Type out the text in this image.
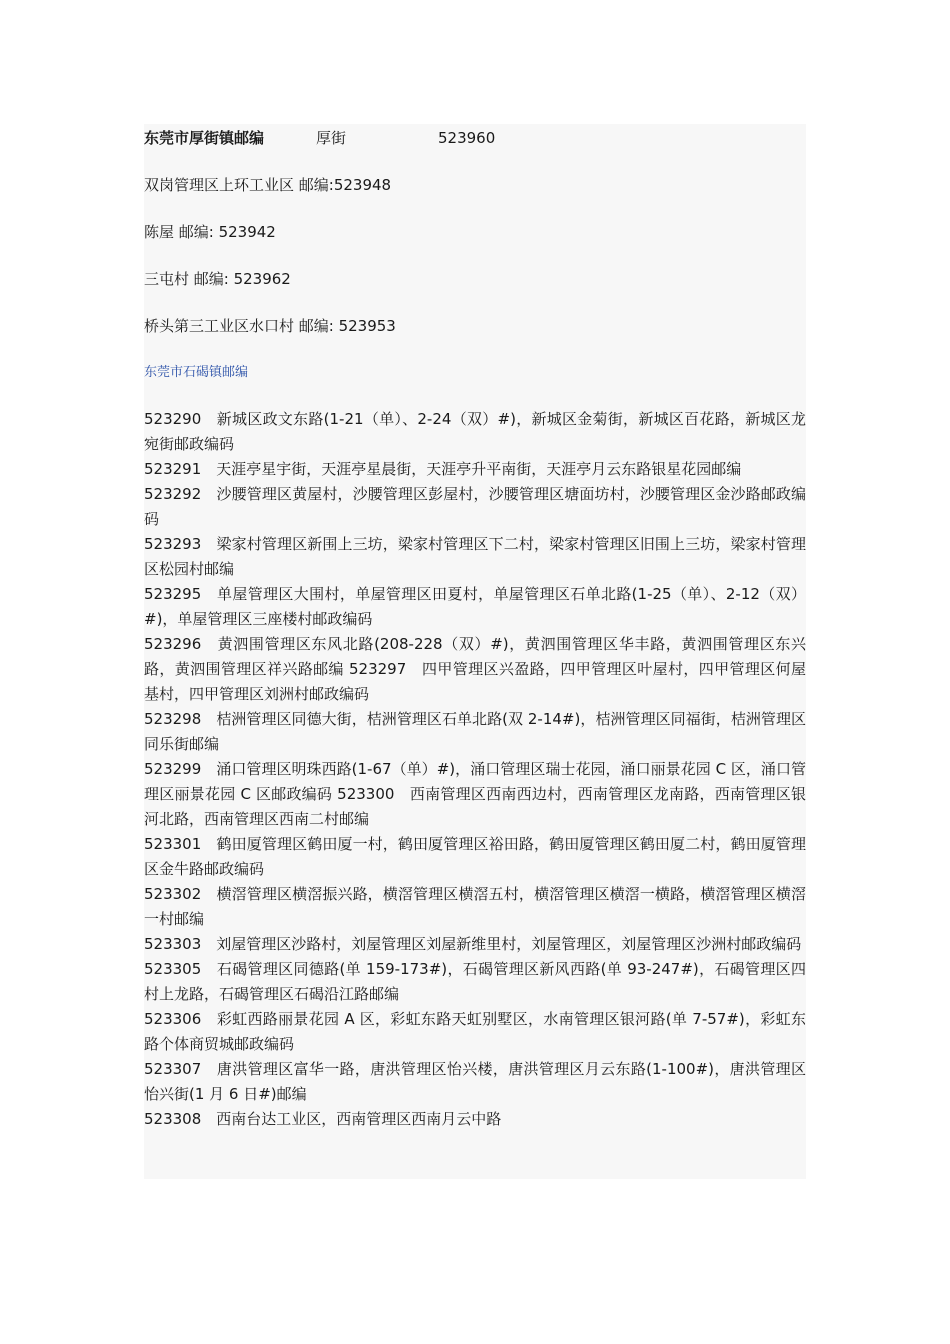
东莞市厚街镇邮编	厚街	523960
双岗管理区上环工业区 邮编:523948
陈屋 邮编: 523942
三屯村 邮编: 523962
桥头第三工业区水口村 邮编: 523953
东莞市石碣镇邮编

523290　新城区政文东路(1-21（单）、2-24（双）#)，新城区金菊街，新城区百花路，新城区龙宛街邮政编码

523291　天涯亭星宇街，天涯亭星晨街，天涯亭升平南街，天涯亭月云东路银星花园邮编

523292　沙腰管理区黄屋村，沙腰管理区彭屋村，沙腰管理区塘面坊村，沙腰管理区金沙路邮政编码

523293　梁家村管理区新围上三坊，梁家村管理区下二村，梁家村管理区旧围上三坊，梁家村管理区松园村邮编

523295　单屋管理区大围村，单屋管理区田夏村，单屋管理区石单北路(1-25（单）、2-12（双）#)，单屋管理区三座楼村邮政编码

523296　黄泗围管理区东风北路(208-228（双）#)，黄泗围管理区华丰路，黄泗围管理区东兴路，黄泗围管理区祥兴路邮编 523297　四甲管理区兴盈路，四甲管理区叶屋村，四甲管理区何屋基村，四甲管理区刘洲村邮政编码

523298　桔洲管理区同德大街，桔洲管理区石单北路(双 2-14#)，桔洲管理区同福街，桔洲管理区同乐街邮编

523299　涌口管理区明珠西路(1-67（单）#)，涌口管理区瑞士花园，涌口丽景花园 C 区，涌口管理区丽景花园 C 区邮政编码 523300　西南管理区西南西边村，西南管理区龙南路，西南管理区银河北路，西南管理区西南二村邮编

523301　鹤田厦管理区鹤田厦一村，鹤田厦管理区裕田路，鹤田厦管理区鹤田厦二村，鹤田厦管理区金牛路邮政编码

523302　横滘管理区横滘振兴路，横滘管理区横滘五村，横滘管理区横滘一横路，横滘管理区横滘一村邮编

523303　刘屋管理区沙路村，刘屋管理区刘屋新维里村，刘屋管理区，刘屋管理区沙洲村邮政编码

523305　石碣管理区同德路(单 159-173#)，石碣管理区新风西路(单 93-247#)，石碣管理区四村上龙路，石碣管理区石碣沿江路邮编

523306　彩虹西路丽景花园 A 区，彩虹东路天虹别墅区，水南管理区银河路(单 7-57#)，彩虹东路个体商贸城邮政编码

523307　唐洪管理区富华一路，唐洪管理区怡兴楼，唐洪管理区月云东路(1-100#)，唐洪管理区怡兴街(1 月 6 日#)邮编

523308　西南台达工业区，西南管理区西南月云中路
